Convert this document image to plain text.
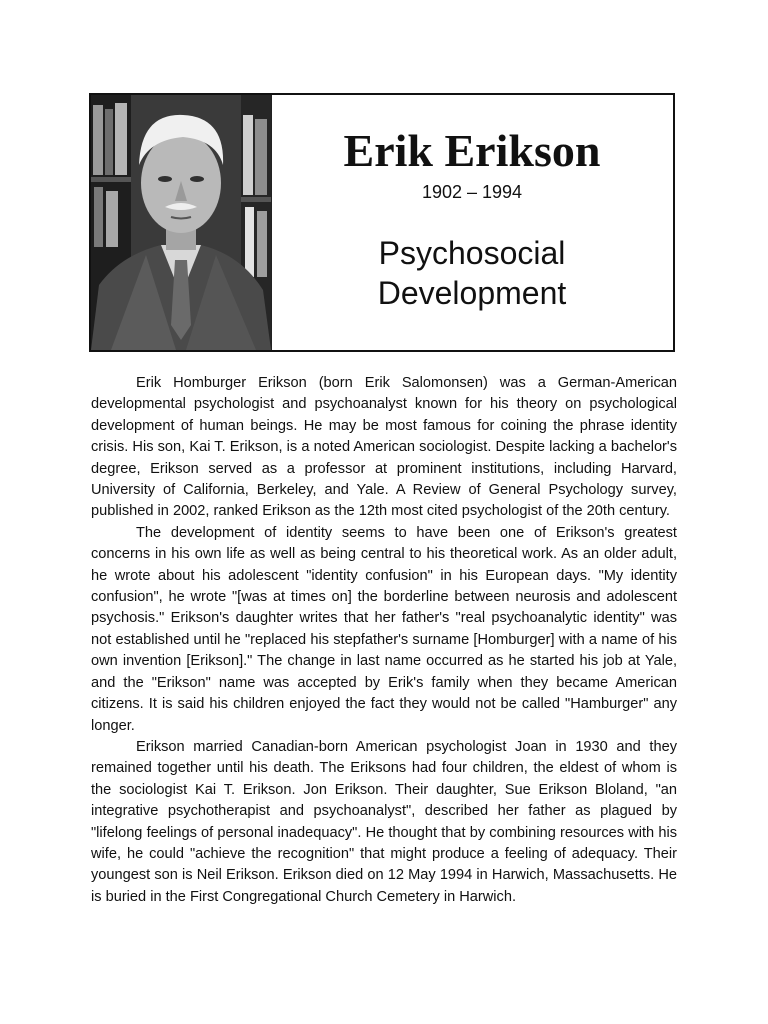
Erik Erikson
1902 – 1994
Psychosocial
Development

Erik Homburger Erikson (born Erik Salomonsen) was a German-American developmental psychologist and psychoanalyst known for his theory on psychological development of human beings. He may be most famous for coining the phrase identity crisis. His son, Kai T. Erikson, is a noted American sociologist. Despite lacking a bachelor's degree, Erikson served as a professor at prominent institutions, including Harvard, University of California, Berkeley, and Yale. A Review of General Psychology survey, published in 2002, ranked Erikson as the 12th most cited psychologist of the 20th century.

The development of identity seems to have been one of Erikson's greatest concerns in his own life as well as being central to his theoretical work. As an older adult, he wrote about his adolescent "identity confusion" in his European days. "My identity confusion", he wrote "[was at times on] the borderline between neurosis and adolescent psychosis." Erikson's daughter writes that her father's "real psychoanalytic identity" was not established until he "replaced his stepfather's surname [Homburger] with a name of his own invention [Erikson]." The change in last name occurred as he started his job at Yale, and the "Erikson" name was accepted by Erik's family when they became American citizens. It is said his children enjoyed the fact they would not be called "Hamburger" any longer.

Erikson married Canadian-born American psychologist Joan in 1930 and they remained together until his death. The Eriksons had four children, the eldest of whom is the sociologist Kai T. Erikson. Jon Erikson. Their daughter, Sue Erikson Bloland, "an integrative psychotherapist and psychoanalyst", described her father as plagued by "lifelong feelings of personal inadequacy". He thought that by combining resources with his wife, he could "achieve the recognition" that might produce a feeling of adequacy. Their youngest son is Neil Erikson. Erikson died on 12 May 1994 in Harwich, Massachusetts. He is buried in the First Congregational Church Cemetery in Harwich.
